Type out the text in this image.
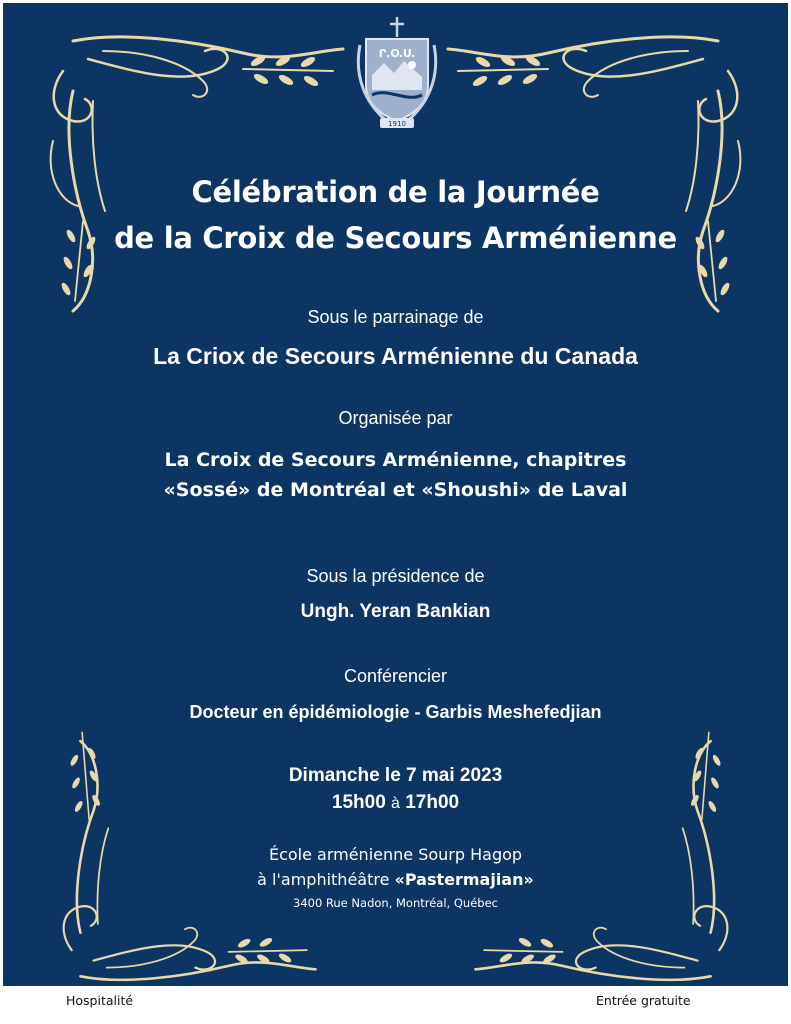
Ր.Օ.Ս.
1910

Célébration de la Journée

de la Croix de Secours Arménienne

Sous le parrainage de

La Criox de Secours Arménienne du Canada

Organisée par

La Croix de Secours Arménienne, chapitres

«Sossé» de Montréal et «Shoushi» de Laval

Sous la présidence de

Ungh. Yeran Bankian

Conférencier

Docteur en épidémiologie - Garbis Meshefedjian

Dimanche le 7 mai 2023

15h00 à 17h00

École arménienne Sourp Hagop

à l'amphithéâtre «Pastermajian»

3400 Rue Nadon, Montréal, Québec

Hospitalité	Entrée gratuite
